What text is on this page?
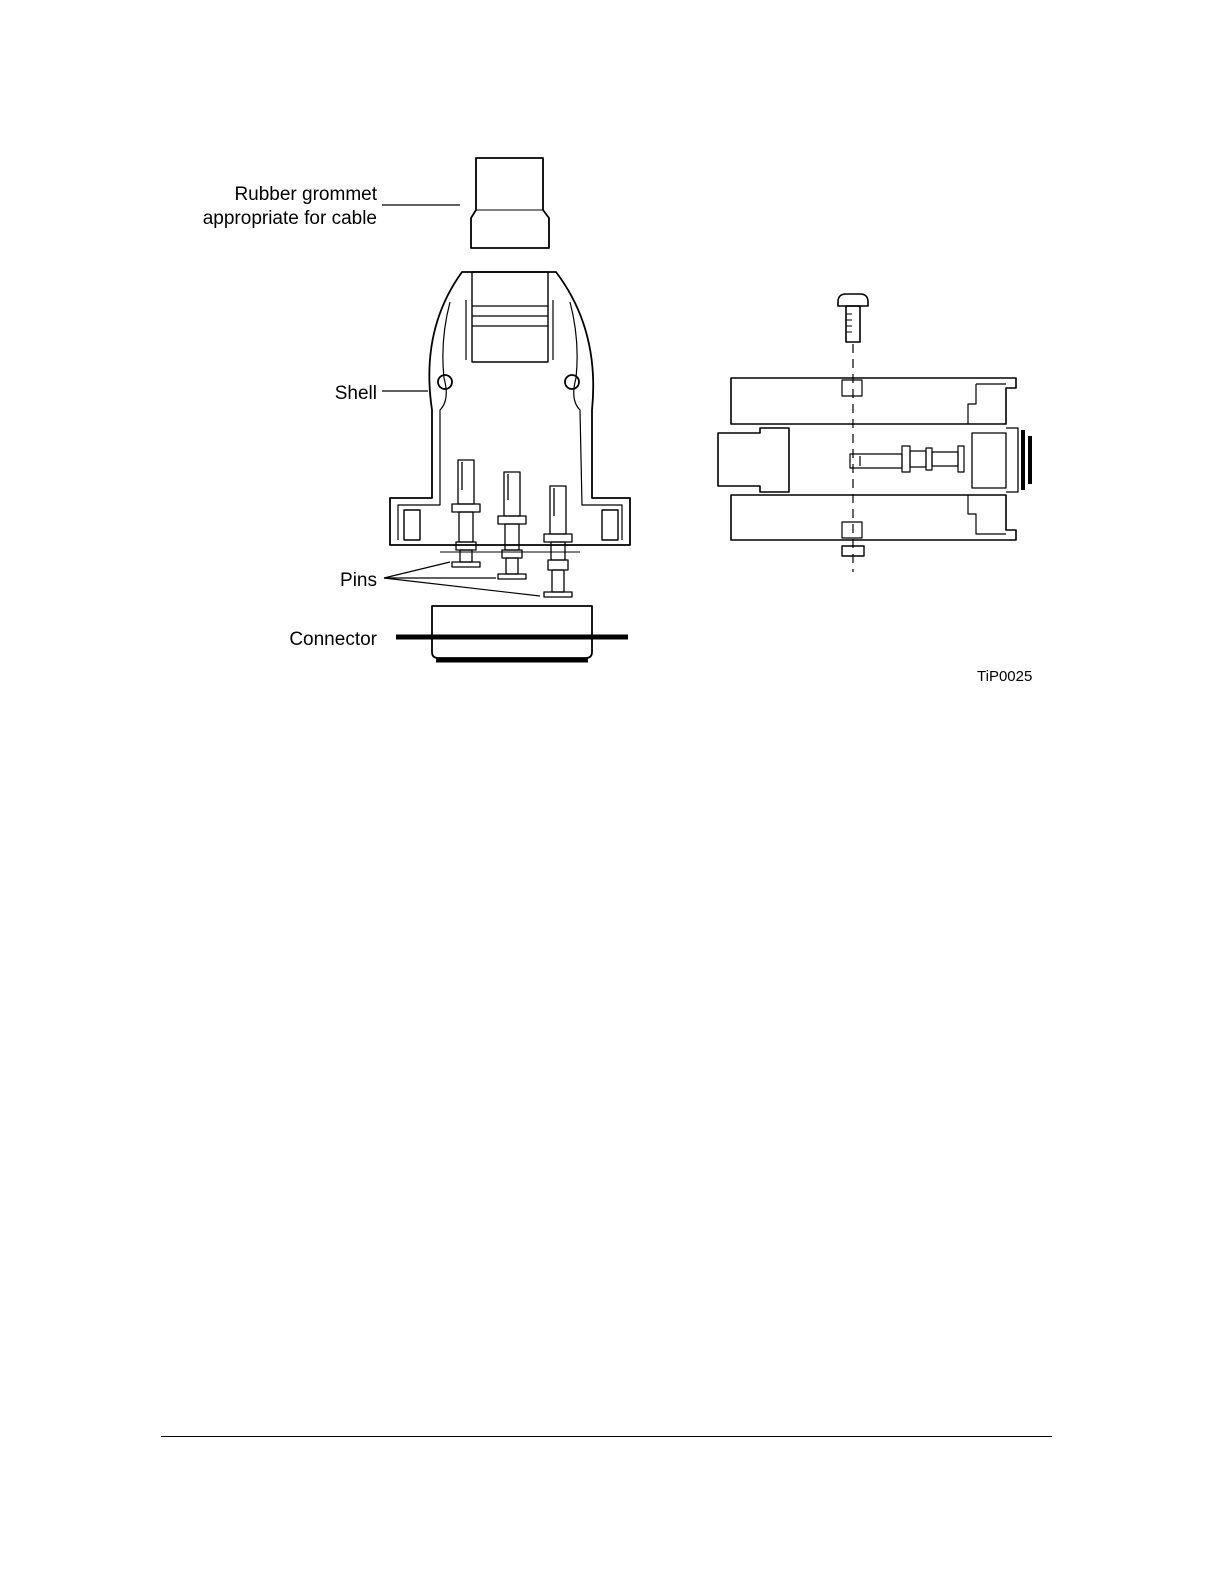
Rubber grommet
appropriate for cable
Shell
Pins
Connector
TiP0025
